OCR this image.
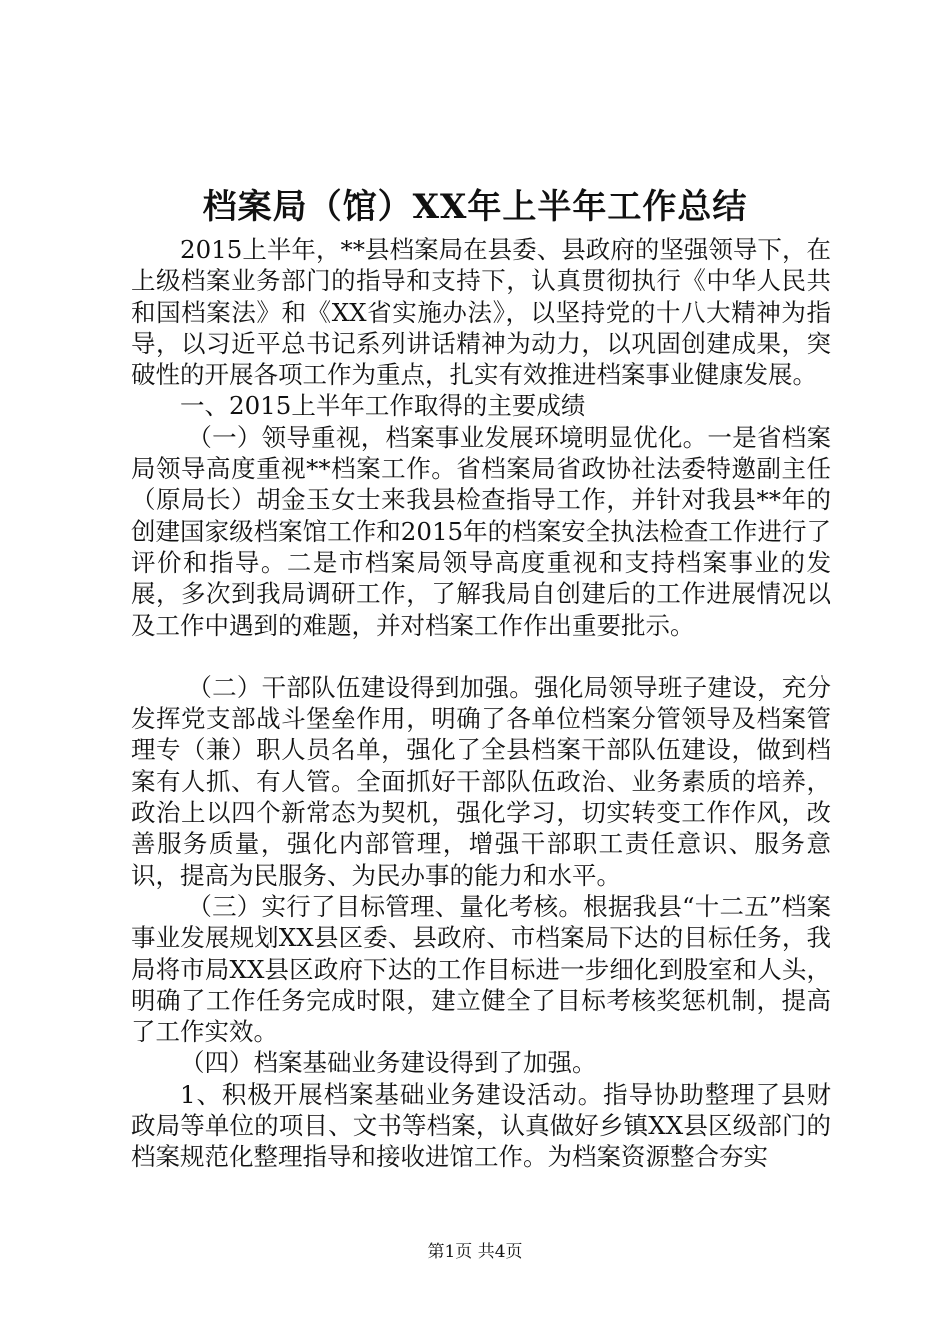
档案局（馆）XX年上半年工作总结

2015上半年，**县档案局在县委、县政府的坚强领导下，在上级档案业务部门的指导和支持下，认真贯彻执行《中华人民共和国档案法》和《XX省实施办法》，以坚持党的十八大精神为指导，以习近平总书记系列讲话精神为动力，以巩固创建成果，突破性的开展各项工作为重点，扎实有效推进档案事业健康发展。

一、2015上半年工作取得的主要成绩

（一）领导重视，档案事业发展环境明显优化。一是省档案局领导高度重视**档案工作。省档案局省政协社法委特邀副主任（原局长）胡金玉女士来我县检查指导工作，并针对我县**年的创建国家级档案馆工作和2015年的档案安全执法检查工作进行了评价和指导。二是市档案局领导高度重视和支持档案事业的发展，多次到我局调研工作，了解我局自创建后的工作进展情况以及工作中遇到的难题，并对档案工作作出重要批示。

（二）干部队伍建设得到加强。强化局领导班子建设，充分发挥党支部战斗堡垒作用，明确了各单位档案分管领导及档案管理专（兼）职人员名单，强化了全县档案干部队伍建设，做到档案有人抓、有人管。全面抓好干部队伍政治、业务素质的培养，政治上以四个新常态为契机，强化学习，切实转变工作作风，改善服务质量，强化内部管理，增强干部职工责任意识、服务意识，提高为民服务、为民办事的能力和水平。

（三）实行了目标管理、量化考核。根据我县“十二五”档案事业发展规划XX县区委、县政府、市档案局下达的目标任务，我局将市局XX县区政府下达的工作目标进一步细化到股室和人头，明确了工作任务完成时限，建立健全了目标考核奖惩机制，提高了工作实效。

（四）档案基础业务建设得到了加强。

1、积极开展档案基础业务建设活动。指导协助整理了县财政局等单位的项目、文书等档案，认真做好乡镇XX县区级部门的档案规范化整理指导和接收进馆工作。为档案资源整合夯实

第1页 共4页
